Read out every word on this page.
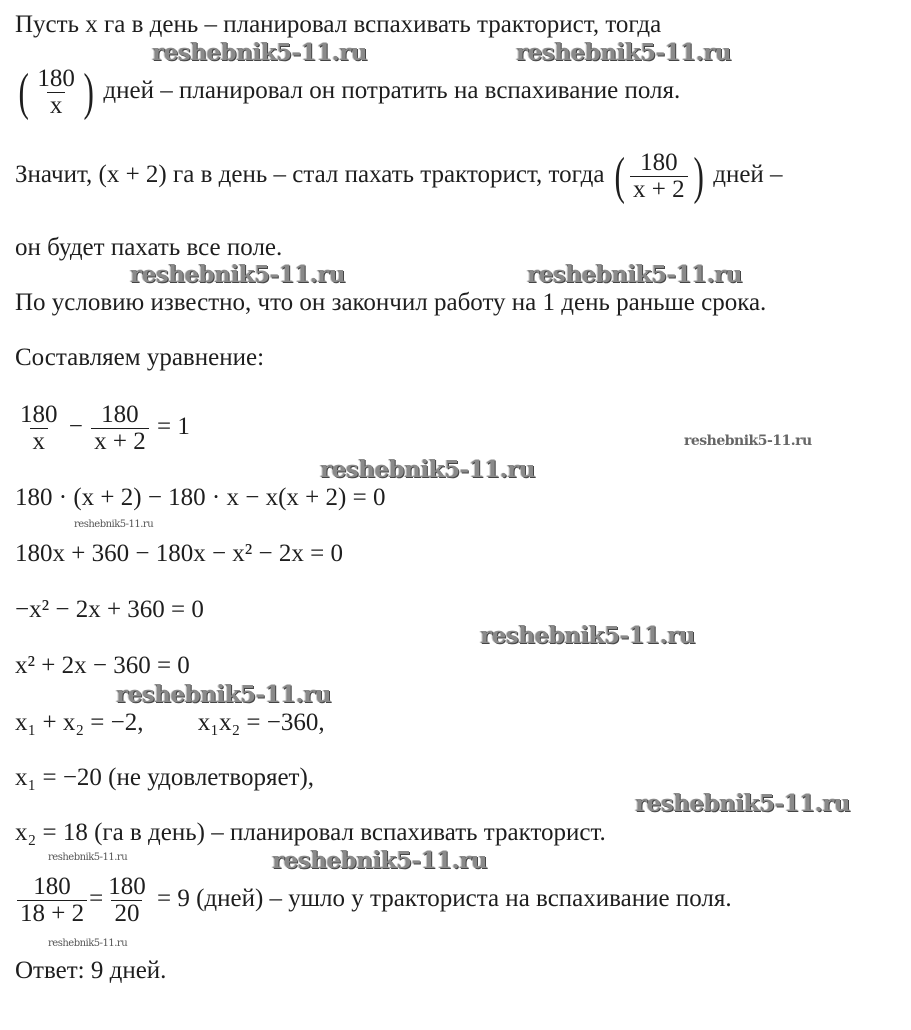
Пусть x га в день – планировал вспахивать тракторист, тогда
( $\frac{180}{x}$ ) дней – планировал он потратить на вспахивание поля.
Значит, (x + 2) га в день – стал пахать тракторист, тогда ( $\frac{180}{x + 2}$ ) дней –
он будет пахать все поле.
По условию известно, что он закончил работу на 1 день раньше срока.
Составляем уравнение:
$\frac{180}{x} - \frac{180}{x + 2} = 1$
180 · (x + 2) − 180 · x − x(x + 2) = 0
180x + 360 − 180x − x² − 2x = 0
−x² − 2x + 360 = 0
x² + 2x − 360 = 0
x₁ + x₂ = −2, x₁x₂ = −360,
x₁ = −20 (не удовлетворяет),
x₂ = 18 (га в день) – планировал вспахивать тракторист.
$\frac{180}{18 + 2} = \frac{180}{20} = 9$ (дней) – ушло у тракториста на вспахивание поля.
Ответ: 9 дней.
reshebnik5-11.ru	reshebnik5-11.ru
reshebnik5-11.ru	reshebnik5-11.ru
reshebnik5-11.ru
reshebnik5-11.ru
reshebnik5-11.ru
reshebnik5-11.ru
reshebnik5-11.ru
reshebnik5-11.ru
reshebnik5-11.ru	reshebnik5-11.ru
reshebnik5-11.ru
